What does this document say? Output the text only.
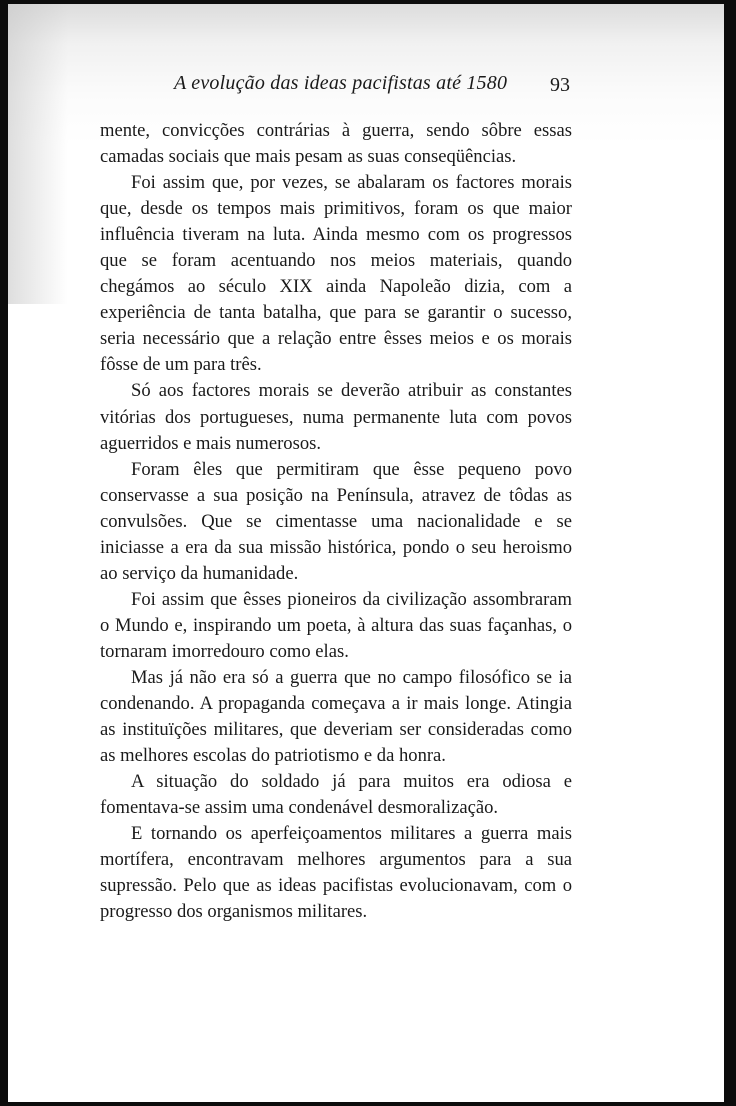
A evolução das ideas pacifistas até 1580 93

mente, convicções contrárias à guerra, sendo sôbre essas camadas sociais que mais pesam as suas conseqüências.

Foi assim que, por vezes, se abalaram os factores morais que, desde os tempos mais primitivos, foram os que maior influência tiveram na luta. Ainda mesmo com os progressos que se foram acentuando nos meios materiais, quando chegámos ao século XIX ainda Napoleão dizia, com a experiência de tanta batalha, que para se garantir o sucesso, seria necessário que a relação entre êsses meios e os morais fôsse de um para três.

Só aos factores morais se deverão atribuir as constantes vitórias dos portugueses, numa permanente luta com povos aguerridos e mais numerosos.

Foram êles que permitiram que êsse pequeno povo conservasse a sua posição na Península, atravez de tôdas as convulsões. Que se cimentasse uma nacionalidade e se iniciasse a era da sua missão histórica, pondo o seu heroismo ao serviço da humanidade.

Foi assim que êsses pioneiros da civilização assombraram o Mundo e, inspirando um poeta, à altura das suas façanhas, o tornaram imorredouro como elas.

Mas já não era só a guerra que no campo filosófico se ia condenando. A propaganda começava a ir mais longe. Atingia as instituïções militares, que deveriam ser consideradas como as melhores escolas do patriotismo e da honra.

A situação do soldado já para muitos era odiosa e fomentava-se assim uma condenável desmoralização.

E tornando os aperfeiçoamentos militares a guerra mais mortífera, encontravam melhores argumentos para a sua supressão. Pelo que as ideas pacifistas evolucionavam, com o progresso dos organismos militares.
